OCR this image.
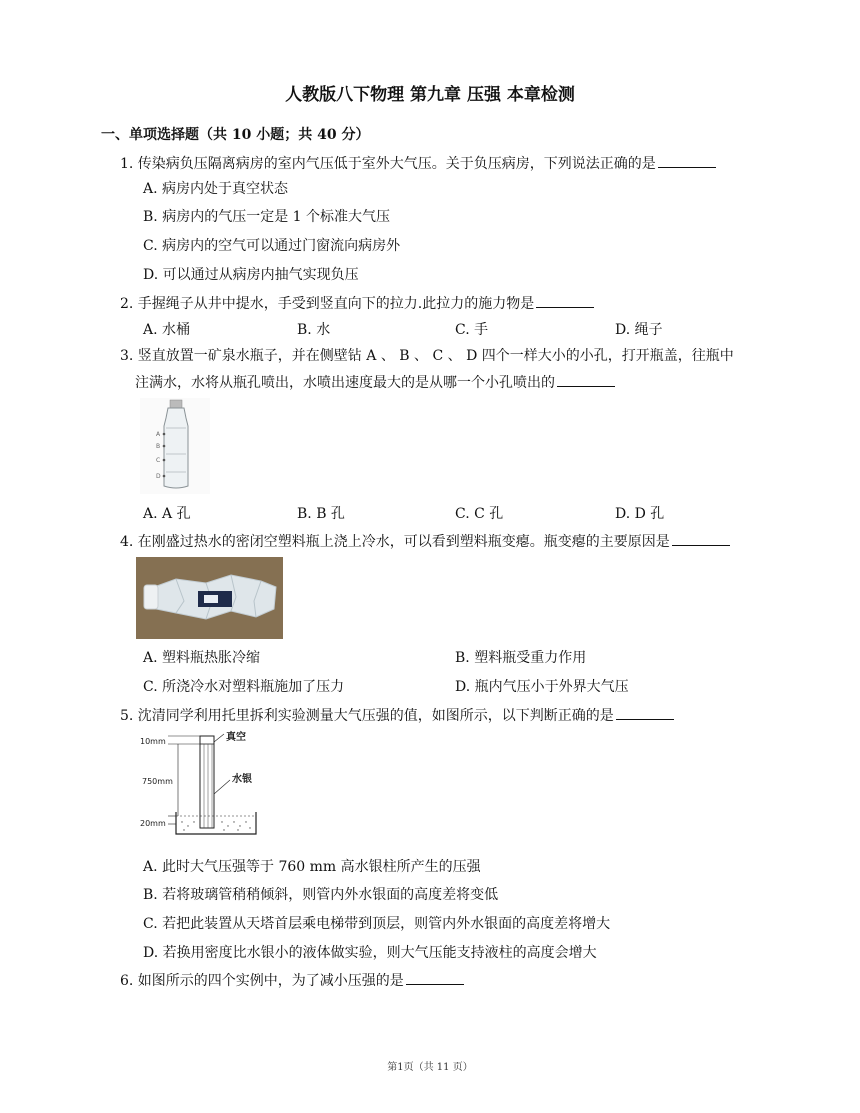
人教版八下物理 第九章 压强 本章检测
一、单项选择题（共 10 小题；共 40 分）
1. 传染病负压隔离病房的室内气压低于室外大气压。关于负压病房，下列说法正确的是
A. 病房内处于真空状态
B. 病房内的气压一定是 1 个标准大气压
C. 病房内的空气可以通过门窗流向病房外
D. 可以通过从病房内抽气实现负压
2. 手握绳子从井中提水，手受到竖直向下的拉力.此拉力的施力物是
A. 水桶	B. 水	C. 手	D. 绳子
3. 竖直放置一矿泉水瓶子，并在侧壁钻 A 、 B 、 C 、 D 四个一样大小的小孔，打开瓶盖，往瓶中
注满水，水将从瓶孔喷出，水喷出速度最大的是从哪一个小孔喷出的
A
B
C
D
A. A 孔	B. B 孔	C. C 孔	D. D 孔
4. 在刚盛过热水的密闭空塑料瓶上浇上冷水，可以看到塑料瓶变瘪。瓶变瘪的主要原因是
A. 塑料瓶热胀冷缩	B. 塑料瓶受重力作用
C. 所浇冷水对塑料瓶施加了压力	D. 瓶内气压小于外界大气压
5. 沈清同学利用托里拆利实验测量大气压强的值，如图所示，以下判断正确的是
10mm	真空
750mm	水银
20mm
A. 此时大气压强等于 760 mm 高水银柱所产生的压强
B. 若将玻璃管稍稍倾斜，则管内外水银面的高度差将变低
C. 若把此装置从天塔首层乘电梯带到顶层，则管内外水银面的高度差将增大
D. 若换用密度比水银小的液体做实验，则大气压能支持液柱的高度会增大
6. 如图所示的四个实例中，为了减小压强的是
第1页（共 11 页）
